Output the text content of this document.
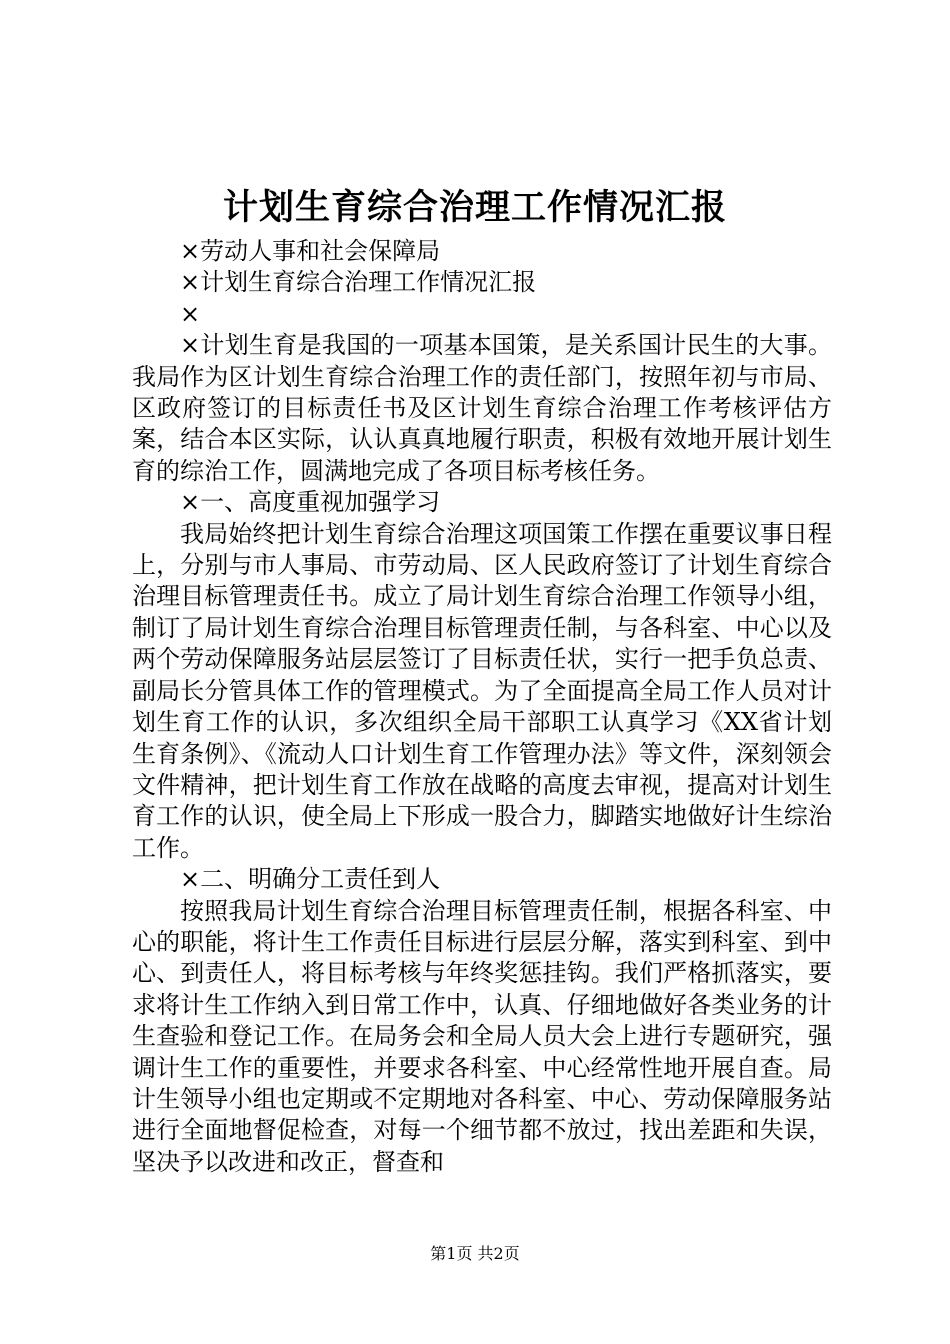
计划生育综合治理工作情况汇报

×劳动人事和社会保障局

×计划生育综合治理工作情况汇报

×

×计划生育是我国的一项基本国策，是关系国计民生的大事。我局作为区计划生育综合治理工作的责任部门，按照年初与市局、区政府签订的目标责任书及区计划生育综合治理工作考核评估方案，结合本区实际，认认真真地履行职责，积极有效地开展计划生育的综治工作，圆满地完成了各项目标考核任务。

×一、高度重视加强学习

我局始终把计划生育综合治理这项国策工作摆在重要议事日程上，分别与市人事局、市劳动局、区人民政府签订了计划生育综合治理目标管理责任书。成立了局计划生育综合治理工作领导小组，制订了局计划生育综合治理目标管理责任制，与各科室、中心以及两个劳动保障服务站层层签订了目标责任状，实行一把手负总责、副局长分管具体工作的管理模式。为了全面提高全局工作人员对计划生育工作的认识，多次组织全局干部职工认真学习《XX省计划生育条例》、《流动人口计划生育工作管理办法》等文件，深刻领会文件精神，把计划生育工作放在战略的高度去审视，提高对计划生育工作的认识，使全局上下形成一股合力，脚踏实地做好计生综治工作。

×二、明确分工责任到人

按照我局计划生育综合治理目标管理责任制，根据各科室、中心的职能，将计生工作责任目标进行层层分解，落实到科室、到中心、到责任人，将目标考核与年终奖惩挂钩。我们严格抓落实，要求将计生工作纳入到日常工作中，认真、仔细地做好各类业务的计生查验和登记工作。在局务会和全局人员大会上进行专题研究，强调计生工作的重要性，并要求各科室、中心经常性地开展自查。局计生领导小组也定期或不定期地对各科室、中心、劳动保障服务站进行全面地督促检查，对每一个细节都不放过，找出差距和失误，坚决予以改进和改正，督查和

第1页 共2页
